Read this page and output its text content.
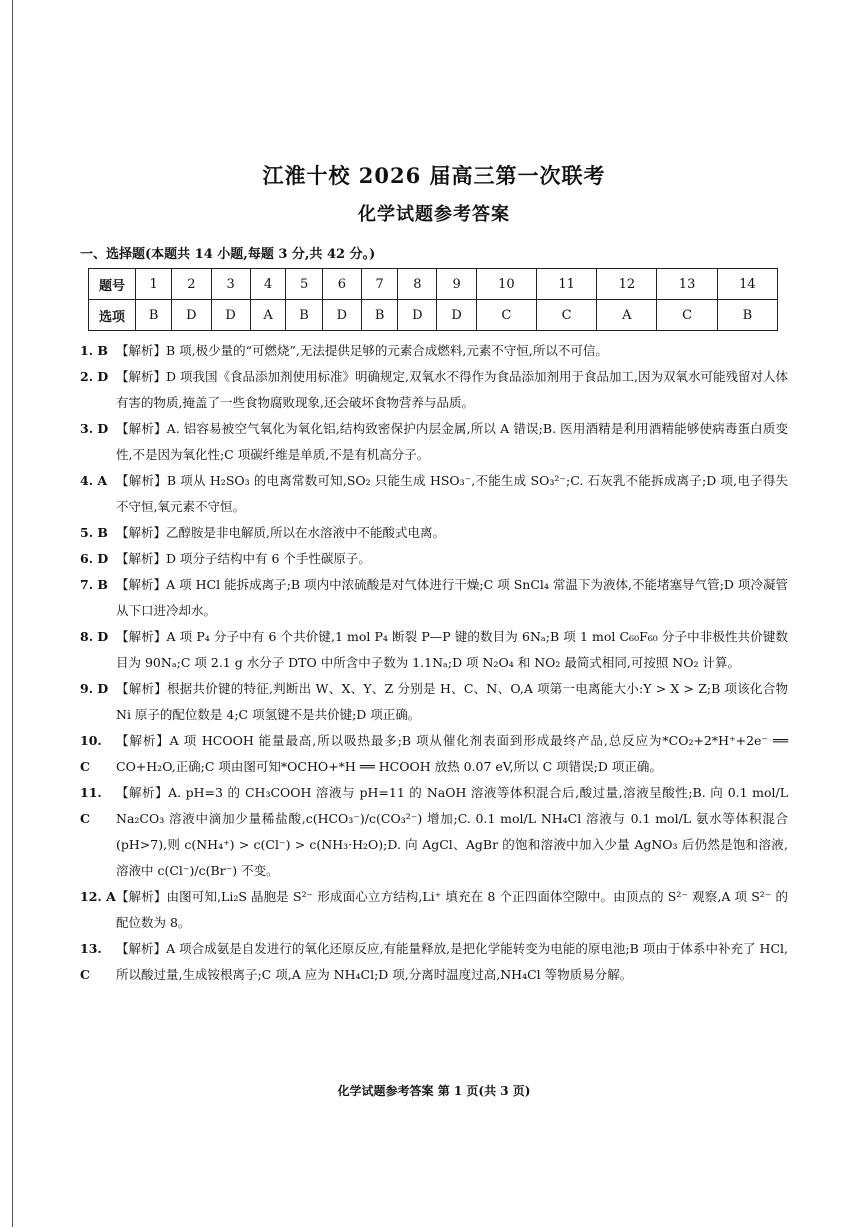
江淮十校 2026 届高三第一次联考
化学试题参考答案
一、选择题(本题共 14 小题,每题 3 分,共 42 分。)
题号	1	2	3	4	5	6	7	8	9	10	11	12	13	14
选项	B	D	D	A	B	D	B	D	D	C	C	A	C	B
1. B 【解析】B 项,极少量的“可燃烧”,无法提供足够的元素合成燃料,元素不守恒,所以不可信。
2. D 【解析】D 项我国《食品添加剂使用标准》明确规定,双氧水不得作为食品添加剂用于食品加工,因为双氧水可能残留对人体有害的物质,掩盖了一些食物腐败现象,还会破坏食物营养与品质。
3. D 【解析】A. 铝容易被空气氧化为氧化铝,结构致密保护内层金属,所以 A 错误;B. 医用酒精是利用酒精能够使病毒蛋白质变性,不是因为氧化性;C 项碳纤维是单质,不是有机高分子。
4. A 【解析】B 项从 H₂SO₃ 的电离常数可知,SO₂ 只能生成 HSO₃⁻,不能生成 SO₃²⁻;C. 石灰乳不能拆成离子;D 项,电子得失不守恒,氧元素不守恒。
5. B 【解析】乙醇胺是非电解质,所以在水溶液中不能酸式电离。
6. D 【解析】D 项分子结构中有 6 个手性碳原子。
7. B 【解析】A 项 HCl 能拆成离子;B 项内中浓硫酸是对气体进行干燥;C 项 SnCl₄ 常温下为液体,不能堵塞导气管;D 项冷凝管从下口进冷却水。
8. D 【解析】A 项 P₄ 分子中有 6 个共价键,1 mol P₄ 断裂 P—P 键的数目为 6Nₐ;B 项 1 mol C₆₀F₆₀ 分子中非极性共价键数目为 90Nₐ;C 项 2.1 g 水分子 DTO 中所含中子数为 1.1Nₐ;D 项 N₂O₄ 和 NO₂ 最简式相同,可按照 NO₂ 计算。
9. D 【解析】根据共价键的特征,判断出 W、X、Y、Z 分别是 H、C、N、O,A 项第一电离能大小:Y > X > Z;B 项该化合物 Ni 原子的配位数是 4;C 项氢键不是共价键;D 项正确。
10. C
【解析】A 项 HCOOH 能量最高,所以吸热最多;B 项从催化剂表面到形成最终产品,总反应为*CO₂+2*H⁺+2e⁻ ══ CO+H₂O,正确;C 项由图可知*OCHO+*H ══ HCOOH 放热 0.07 eV,所以 C 项错误;D 项正确。
11. C
【解析】A. pH=3 的 CH₃COOH 溶液与 pH=11 的 NaOH 溶液等体积混合后,酸过量,溶液呈酸性;B. 向 0.1 mol/L Na₂CO₃ 溶液中滴加少量稀盐酸,c(HCO₃⁻)/c(CO₃²⁻) 增加;C. 0.1 mol/L NH₄Cl 溶液与 0.1 mol/L 氨水等体积混合(pH>7),则 c(NH₄⁺) > c(Cl⁻) > c(NH₃·H₂O);D. 向 AgCl、AgBr 的饱和溶液中加入少量 AgNO₃ 后仍然是饱和溶液,溶液中 c(Cl⁻)/c(Br⁻) 不变。
12. A 【解析】由图可知,Li₂S 晶胞是 S²⁻ 形成面心立方结构,Li⁺ 填充在 8 个正四面体空隙中。由顶点的 S²⁻ 观察,A 项 S²⁻ 的配位数为 8。
13. C
【解析】A 项合成氨是自发进行的氧化还原反应,有能量释放,是把化学能转变为电能的原电池;B 项由于体系中补充了 HCl,所以酸过量,生成铵根离子;C 项,A 应为 NH₄Cl;D 项,分离时温度过高,NH₄Cl 等物质易分解。
化学试题参考答案 第 1 页(共 3 页)
